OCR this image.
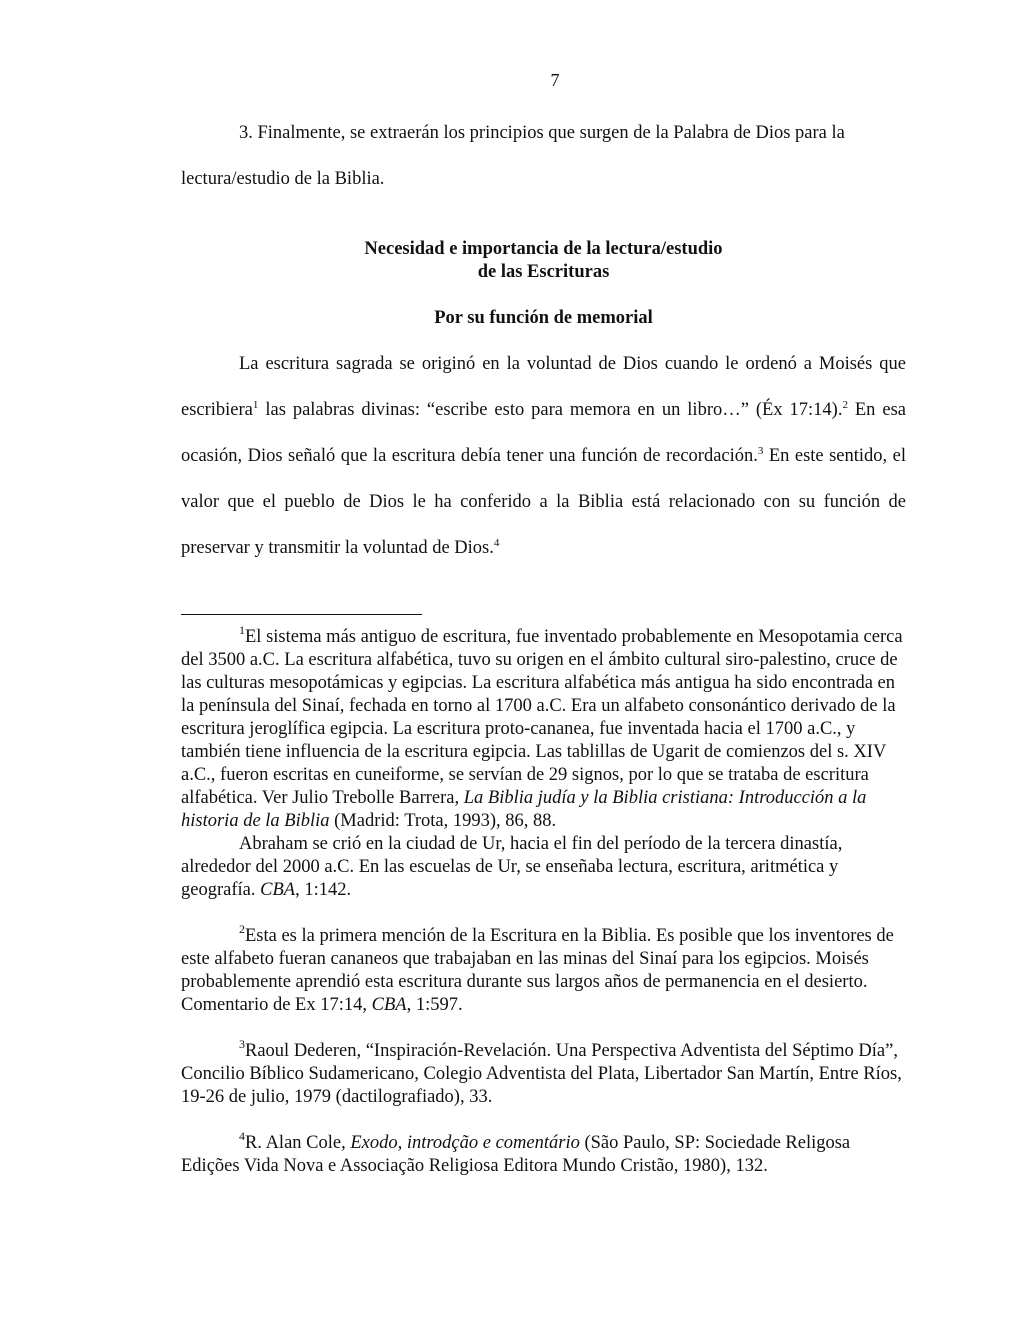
7

3. Finalmente, se extraerán los principios que surgen de la Palabra de Dios para la
lectura/estudio de la Biblia.

Necesidad e importancia de la lectura/estudio
de las Escrituras
Por su función de memorial

La escritura sagrada se originó en la voluntad de Dios cuando le ordenó a Moisés que escribiera$^1$ las palabras divinas: “escribe esto para memora en un libro…” (Éx 17:14).$^2$ En esa ocasión, Dios señaló que la escritura debía tener una función de recordación.$^3$ En este sentido, el valor que el pueblo de Dios le ha conferido a la Biblia está relacionado con su función de preservar y transmitir la voluntad de Dios.$^4$

$^1$El sistema más antiguo de escritura, fue inventado probablemente en Mesopotamia cerca del 3500 a.C. La escritura alfabética, tuvo su origen en el ámbito cultural siro-palestino, cruce de las culturas mesopotámicas y egipcias. La escritura alfabética más antigua ha sido encontrada en la península del Sinaí, fechada en torno al 1700 a.C. Era un alfabeto consonántico derivado de la escritura jeroglífica egipcia. La escritura proto-cananea, fue inventada hacia el 1700 a.C., y también tiene influencia de la escritura egipcia. Las tablillas de Ugarit de comienzos del s. XIV a.C., fueron escritas en cuneiforme, se servían de 29 signos, por lo que se trataba de escritura alfabética. Ver Julio Trebolle Barrera, La Biblia judía y la Biblia cristiana: Introducción a la historia de la Biblia (Madrid: Trota, 1993), 86, 88.

Abraham se crió en la ciudad de Ur, hacia el fin del período de la tercera dinastía, alrededor del 2000 a.C. En las escuelas de Ur, se enseñaba lectura, escritura, aritmética y geografía. CBA, 1:142.

$^2$Esta es la primera mención de la Escritura en la Biblia. Es posible que los inventores de este alfabeto fueran cananeos que trabajaban en las minas del Sinaí para los egipcios. Moisés probablemente aprendió esta escritura durante sus largos años de permanencia en el desierto. Comentario de Ex 17:14, CBA, 1:597.

$^3$Raoul Dederen, “Inspiración-Revelación. Una Perspectiva Adventista del Séptimo Día”, Concilio Bíblico Sudamericano, Colegio Adventista del Plata, Libertador San Martín, Entre Ríos, 19-26 de julio, 1979 (dactilografiado), 33.

$^4$R. Alan Cole, Exodo, introdção e comentário (São Paulo, SP: Sociedade Religosa Edições Vida Nova e Associação Religiosa Editora Mundo Cristão, 1980), 132.
